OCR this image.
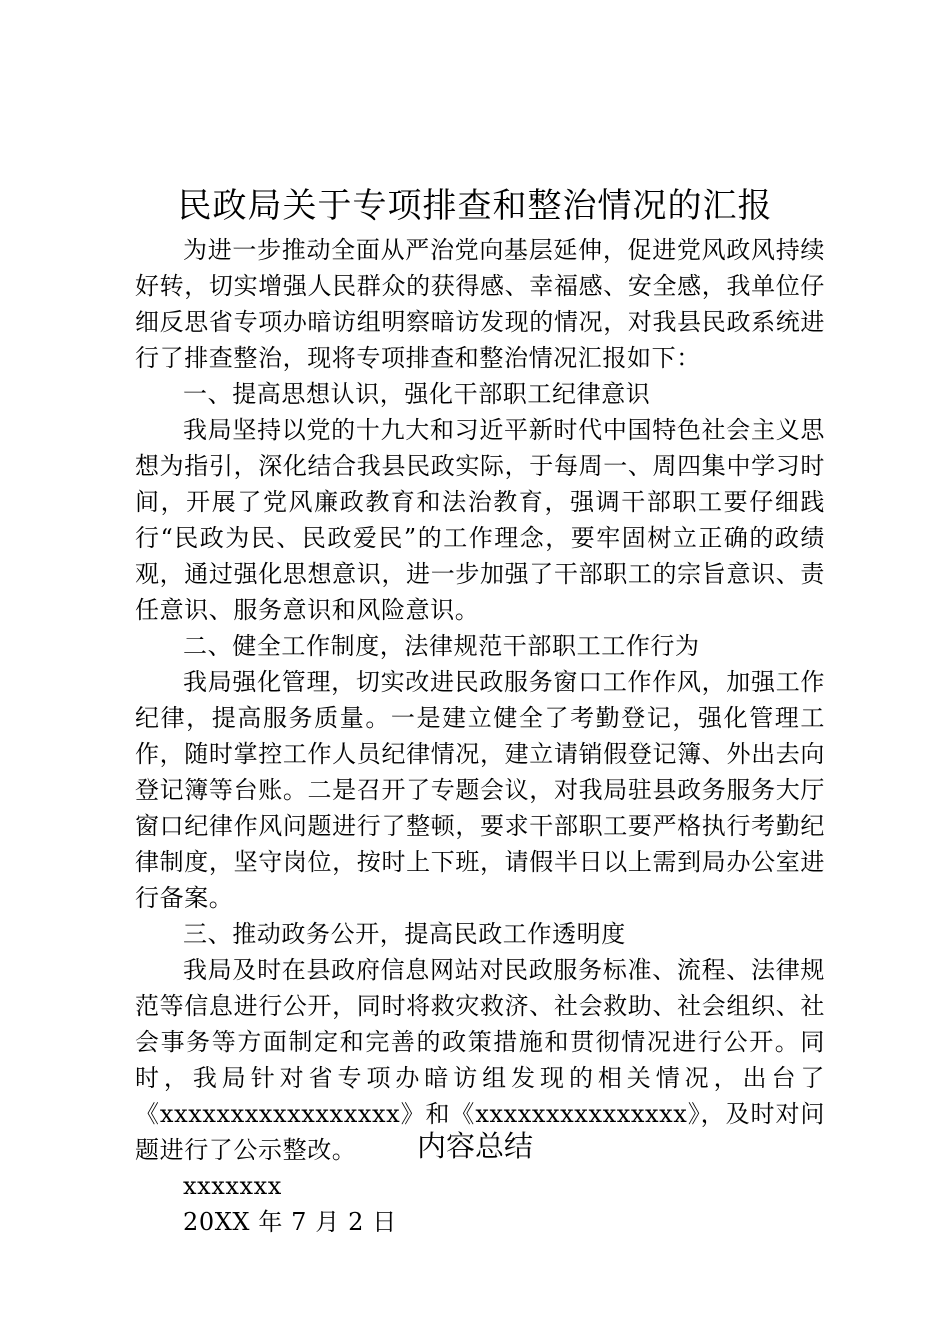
民政局关于专项排查和整治情况的汇报

为进一步推动全面从严治党向基层延伸，促进党风政风持续好转，切实增强人民群众的获得感、幸福感、安全感，我单位仔细反思省专项办暗访组明察暗访发现的情况，对我县民政系统进行了排查整治，现将专项排查和整治情况汇报如下：

一、提高思想认识，强化干部职工纪律意识

我局坚持以党的十九大和习近平新时代中国特色社会主义思想为指引，深化结合我县民政实际，于每周一、周四集中学习时间，开展了党风廉政教育和法治教育，强调干部职工要仔细践行“民政为民、民政爱民”的工作理念，要牢固树立正确的政绩观，通过强化思想意识，进一步加强了干部职工的宗旨意识、责任意识、服务意识和风险意识。

二、健全工作制度，法律规范干部职工工作行为

我局强化管理，切实改进民政服务窗口工作作风，加强工作纪律，提高服务质量。一是建立健全了考勤登记，强化管理工作，随时掌控工作人员纪律情况，建立请销假登记簿、外出去向登记簿等台账。二是召开了专题会议，对我局驻县政务服务大厅窗口纪律作风问题进行了整顿，要求干部职工要严格执行考勤纪律制度，坚守岗位，按时上下班，请假半日以上需到局办公室进行备案。

三、推动政务公开，提高民政工作透明度

我局及时在县政府信息网站对民政服务标准、流程、法律规范等信息进行公开，同时将救灾救济、社会救助、社会组织、社会事务等方面制定和完善的政策措施和贯彻情况进行公开。同时，我局针对省专项办暗访组发现的相关情况，出台了《xxxxxxxxxxxxxxxxx》和《xxxxxxxxxxxxxxx》，及时对问题进行了公示整改。

xxxxxxx

20XX 年 7 月 2 日

内容总结
